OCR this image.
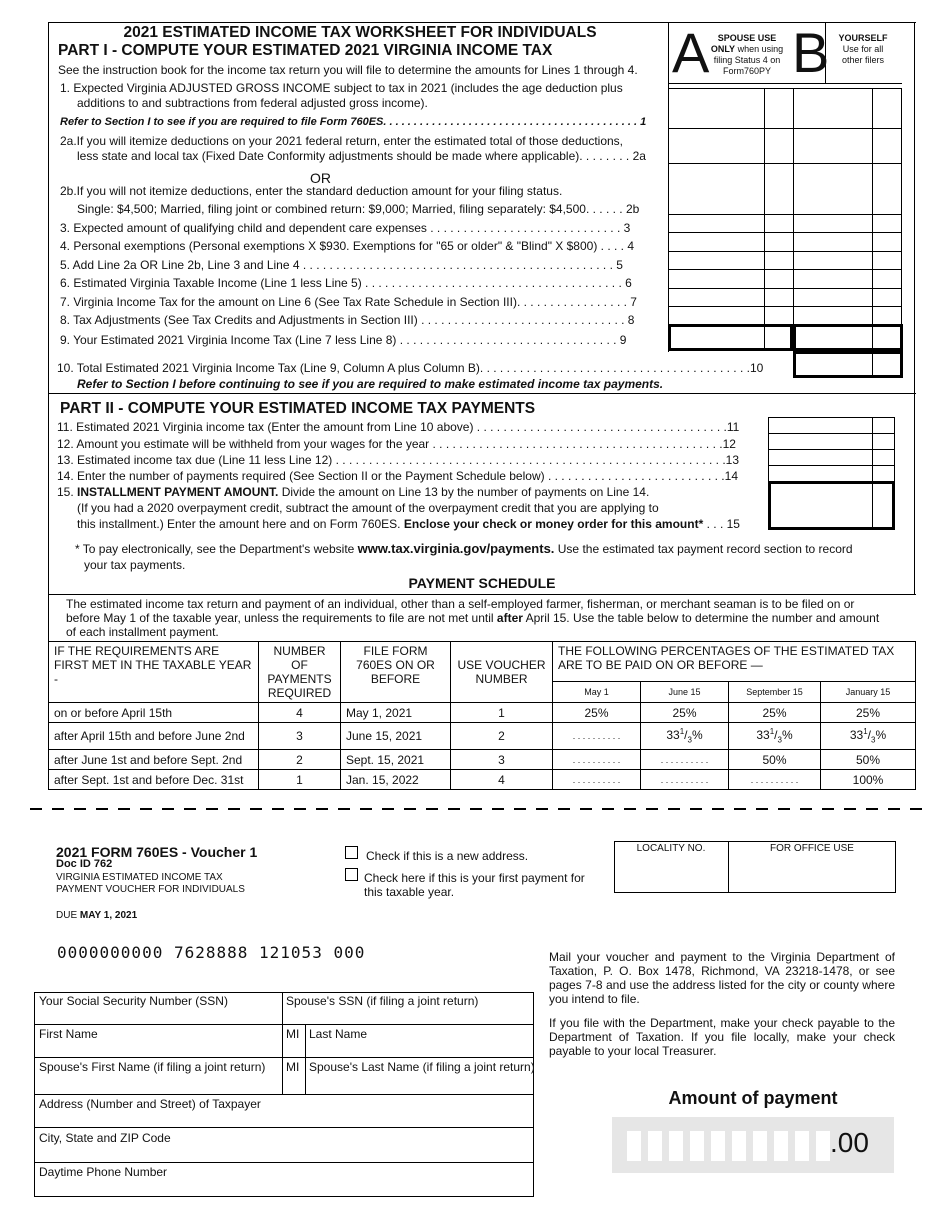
2021 ESTIMATED INCOME TAX WORKSHEET FOR INDIVIDUALS
PART I - COMPUTE YOUR ESTIMATED 2021 VIRGINIA INCOME TAX
See the instruction book for the income tax return you will file to determine the amounts for Lines 1 through 4. A SPOUSE USE ONLY when using filing Status 4 on Form760PY B	YOURSELF
Use for all other filers
1. Expected Virginia ADJUSTED GROSS INCOME subject to tax in 2021 (includes the age deduction plus
additions to and subtractions from federal adjusted gross income).
Refer to Section I to see if you are required to file Form 760ES. . . . . . . . . . . . . . . . . . . . . . . . . . . . . . . . . . . . . . . . . . 1
2a.If you will itemize deductions on your 2021 federal return, enter the estimated total of those deductions,
less state and local tax (Fixed Date Conformity adjustments should be made where applicable). . . . . . . . 2a
OR
2b.If you will not itemize deductions, enter the standard deduction amount for your filing status.
Single: $4,500; Married, filing joint or combined return: $9,000; Married, filing separately: $4,500. . . . . . 2b
3. Expected amount of qualifying child and dependent care expenses . . . . . . . . . . . . . . . . . . . . . . . . . . . . . 3
4. Personal exemptions (Personal exemptions X $930. Exemptions for "65 or older" & "Blind" X $800) . . . . 4
5. Add Line 2a OR Line 2b, Line 3 and Line 4 . . . . . . . . . . . . . . . . . . . . . . . . . . . . . . . . . . . . . . . . . . . . . . . 5
6. Estimated Virginia Taxable Income (Line 1 less Line 5) . . . . . . . . . . . . . . . . . . . . . . . . . . . . . . . . . . . . . . . 6
7. Virginia Income Tax for the amount on Line 6 (See Tax Rate Schedule in Section III). . . . . . . . . . . . . . . . . 7
8. Tax Adjustments (See Tax Credits and Adjustments in Section III) . . . . . . . . . . . . . . . . . . . . . . . . . . . . . . . 8
9. Your Estimated 2021 Virginia Income Tax (Line 7 less Line 8) . . . . . . . . . . . . . . . . . . . . . . . . . . . . . . . . . 9
10. Total Estimated 2021 Virginia Income Tax (Line 9, Column A plus Column B). . . . . . . . . . . . . . . . . . . . . . . . . . . . . . . . . . . . . . . . .10
Refer to Section I before continuing to see if you are required to make estimated income tax payments.
PART II - COMPUTE YOUR ESTIMATED INCOME TAX PAYMENTS
11. Estimated 2021 Virginia income tax (Enter the amount from Line 10 above) . . . . . . . . . . . . . . . . . . . . . . . . . . . . . . . . . . . . . .11
12. Amount you estimate will be withheld from your wages for the year . . . . . . . . . . . . . . . . . . . . . . . . . . . . . . . . . . . . . . . . . . . .12
13. Estimated income tax due (Line 11 less Line 12) . . . . . . . . . . . . . . . . . . . . . . . . . . . . . . . . . . . . . . . . . . . . . . . . . . . . . . . . . . .13
14. Enter the number of payments required (See Section II or the Payment Schedule below) . . . . . . . . . . . . . . . . . . . . . . . . . . .14
15. INSTALLMENT PAYMENT AMOUNT. Divide the amount on Line 13 by the number of payments on Line 14.
(If you had a 2020 overpayment credit, subtract the amount of the overpayment credit that you are applying to
this installment.) Enter the amount here and on Form 760ES. Enclose your check or money order for this amount* . . . 15
* To pay electronically, see the Department's website www.tax.virginia.gov/payments. Use the estimated tax payment record section to record
your tax payments.
PAYMENT SCHEDULE
The estimated income tax return and payment of an individual, other than a self-employed farmer, fisherman, or merchant seaman is to be filed on or
before May 1 of the taxable year, unless the requirements to file are not met until after April 15. Use the table below to determine the number and amount
of each installment payment.
IF THE REQUIREMENTS ARE FIRST MET IN THE TAXABLE YEAR -	NUMBER OF PAYMENTS REQUIRED	FILE FORM 760ES ON OR BEFORE	USE VOUCHER NUMBER	THE FOLLOWING PERCENTAGES OF THE ESTIMATED TAX ARE TO BE PAID ON OR BEFORE —			
				May 1	June 15	September 15	January 15
on or before April 15th	4	May 1, 2021	1	25%	25%	25%	25%
after April 15th and before June 2nd	3	June 15, 2021	2	. . . . . . . . . .	$33^1/_3\%$	$33^1/_3\%$	$33^1/_3\%$
after June 1st and before Sept. 2nd	2	Sept. 15, 2021	3	. . . . . . . . . .	. . . . . . . . . .	50%	50%
after Sept. 1st and before Dec. 31st	1	Jan. 15, 2022	4	. . . . . . . . . .	. . . . . . . . . .	. . . . . . . . . .	100%
2021 FORM 760ES - Voucher 1
Doc ID 762
VIRGINIA ESTIMATED INCOME TAX
PAYMENT VOUCHER FOR INDIVIDUALS
DUE MAY 1, 2021
Check if this is a new address.
Check here if this is your first payment for this taxable year.
LOCALITY NO.	FOR OFFICE USE
0000000000 7628888 121053 000
Your Social Security Number (SSN)	Spouse's SSN (if filing a joint return)
First Name	MI Last Name
Spouse's First Name (if filing a joint return) MI Spouse's Last Name (if filing a joint return)
Address (Number and Street) of Taxpayer
City, State and ZIP Code
Daytime Phone Number
Mail your voucher and payment to the Virginia Department of Taxation, P. O. Box 1478, Richmond, VA 23218-1478, or see pages 7-8 and use the address listed for the city or county where you intend to file.
If you file with the Department, make your check payable to the Department of Taxation. If you file locally, make your check payable to your local Treasurer.
Amount of payment
.00
